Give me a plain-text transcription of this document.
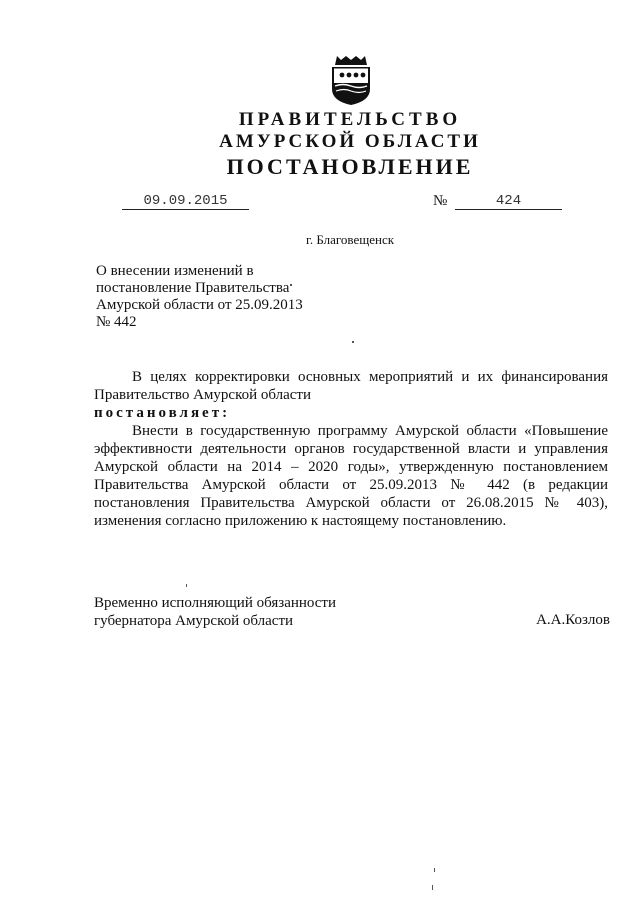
ПРАВИТЕЛЬСТВО
АМУРСКОЙ ОБЛАСТИ
ПОСТАНОВЛЕНИЕ
09.09.2015	№	424
г. Благовещенск
О внесении изменений в
постановление Правительства
Амурской области от 25.09.2013
№ 442
В целях корректировки основных мероприятий и их финансирования
Правительство Амурской области
постановляет:
Внести в государственную программу Амурской области «Повышение
эффективности деятельности органов государственной власти и управления
Амурской области на 2014 – 2020 годы», утвержденную постановлением
Правительства Амурской области от 25.09.2013 № 442 (в редакции
постановления Правительства Амурской области от 26.08.2015 № 403),
изменения согласно приложению к настоящему постановлению.
Временно исполняющий обязанности
губернатора Амурской области	А.А.Козлов
